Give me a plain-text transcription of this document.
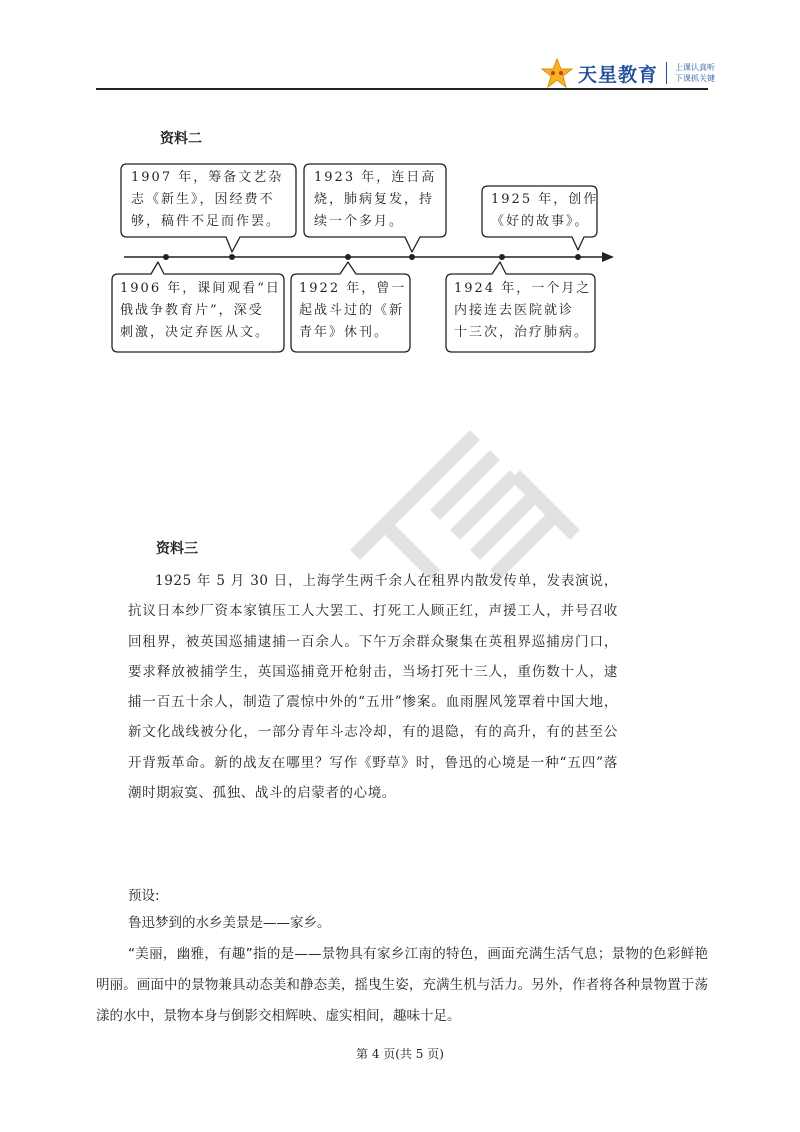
天星教育 上课认真听
下课抓关键
资料二
1907 年，筹备文艺杂
志《新生》，因经费不
够，稿件不足而作罢。
1923 年，连日高
烧，肺病复发，持
续一个多月。
1925 年，创作
《好的故事》。
1906 年，课间观看“日
俄战争教育片”，深受
刺激，决定弃医从文。
1922 年，曾一
起战斗过的《新
青年》休刊。
1924 年，一个月之
内接连去医院就诊
十三次，治疗肺病。
资料三

1925 年 5 月 30 日，上海学生两千余人在租界内散发传单，发表演说，抗议日本纱厂资本家镇压工人大罢工、打死工人顾正红，声援工人，并号召收回租界，被英国巡捕逮捕一百余人。下午万余群众聚集在英租界巡捕房门口，要求释放被捕学生，英国巡捕竟开枪射击，当场打死十三人，重伤数十人，逮捕一百五十余人，制造了震惊中外的“五卅”惨案。血雨腥风笼罩着中国大地，新文化战线被分化，一部分青年斗志冷却，有的退隐，有的高升，有的甚至公开背叛革命。新的战友在哪里？写作《野草》时，鲁迅的心境是一种“五四”落潮时期寂寞、孤独、战斗的启蒙者的心境。

预设:
鲁迅梦到的水乡美景是——家乡。
“美丽，幽雅，有趣”指的是——景物具有家乡江南的特色，画面充满生活气息；景物的色彩鲜艳明丽。画面中的景物兼具动态美和静态美，摇曳生姿，充满生机与活力。另外，作者将各种景物置于荡漾的水中，景物本身与倒影交相辉映、虚实相间，趣味十足。
第 4 页(共 5 页)
